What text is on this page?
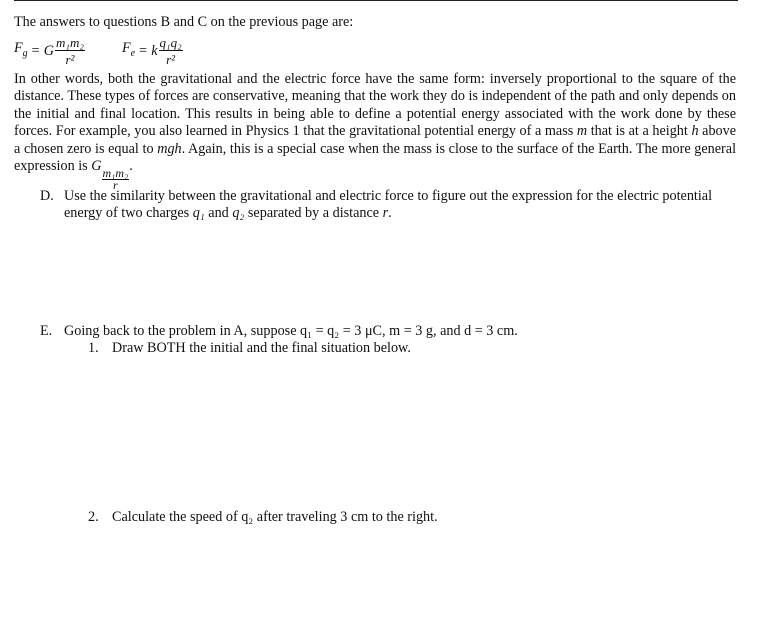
The answers to questions B and C on the previous page are:
$F_g = G \frac{\text{m₁m₂}}{\text{r²}}$	$F_e = k \frac{\text{q₁q₂}}{\text{r²}}$

In other words, both the gravitational and the electric force have the same form: inversely proportional to the square of the distance. These types of forces are conservative, meaning that the work they do is independent of the path and only depends on the initial and final location. This results in being able to define a potential energy associated with the work done by these forces. For example, you also learned in Physics 1 that the gravitational potential energy of a mass m that is at a height h above a chosen zero is equal to mgh. Again, this is a special case when the mass is close to the surface of the Earth. The more general expression is G
$\frac{\text{m₁m₂}}{r}$
.

D. Use the similarity between the gravitational and electric force to figure out the expression for the electric potential
energy of two charges q₁ and q₂ separated by a distance r.
E. Going back to the problem in A, suppose q₁ = q₂ = 3 μC, m = 3 g, and d = 3 cm.
1. Draw BOTH the initial and the final situation below.
2. Calculate the speed of q₂ after traveling 3 cm to the right.
